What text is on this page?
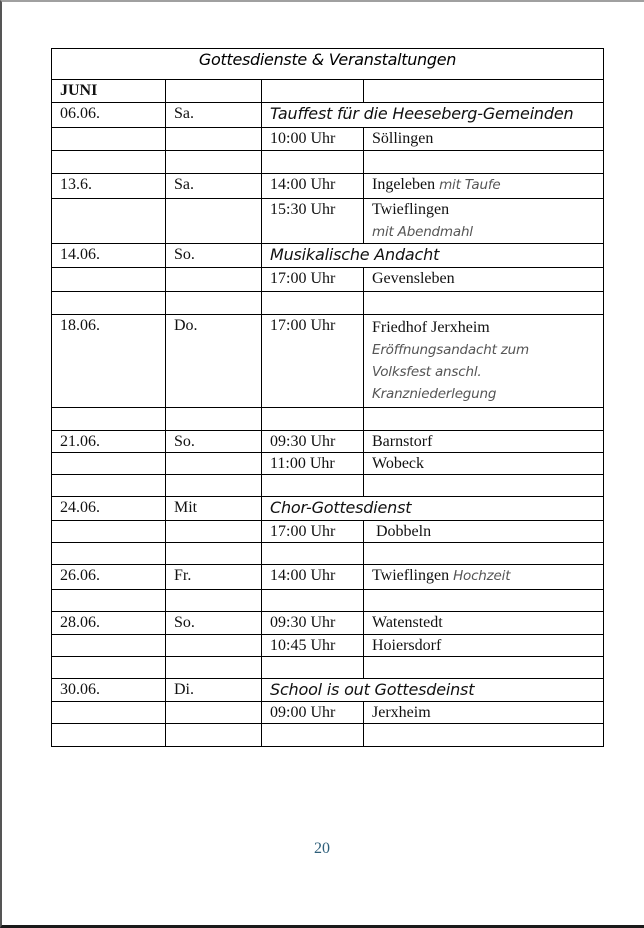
Gottesdienste & Veranstaltungen			
JUNI			
06.06.	Sa.	Tauffest für die Heeseberg-Gemeinden	
		10:00 Uhr	Söllingen

13.6.	Sa.	14:00 Uhr	Ingeleben mit Taufe
		15:30 Uhr	Twieflingen
mit Abendmahl

14.06.	So.	Musikalische Andacht	
		17:00 Uhr	Gevensleben

18.06.	Do.	17:00 Uhr	Friedhof Jerxheim
Eröffnungsandacht zum
Volksfest anschl.
Kranzniederlegung

21.06.	So.	09:30 Uhr	Barnstorf
		11:00 Uhr	Wobeck

24.06.	Mit	Chor-Gottesdienst	
		17:00 Uhr	Dobbeln

26.06.	Fr.	14:00 Uhr	Twieflingen Hochzeit

28.06.	So.	09:30 Uhr	Watenstedt
		10:45 Uhr	Hoiersdorf

30.06.	Di.	School is out Gottesdeinst	
		09:00 Uhr	Jerxheim

20
